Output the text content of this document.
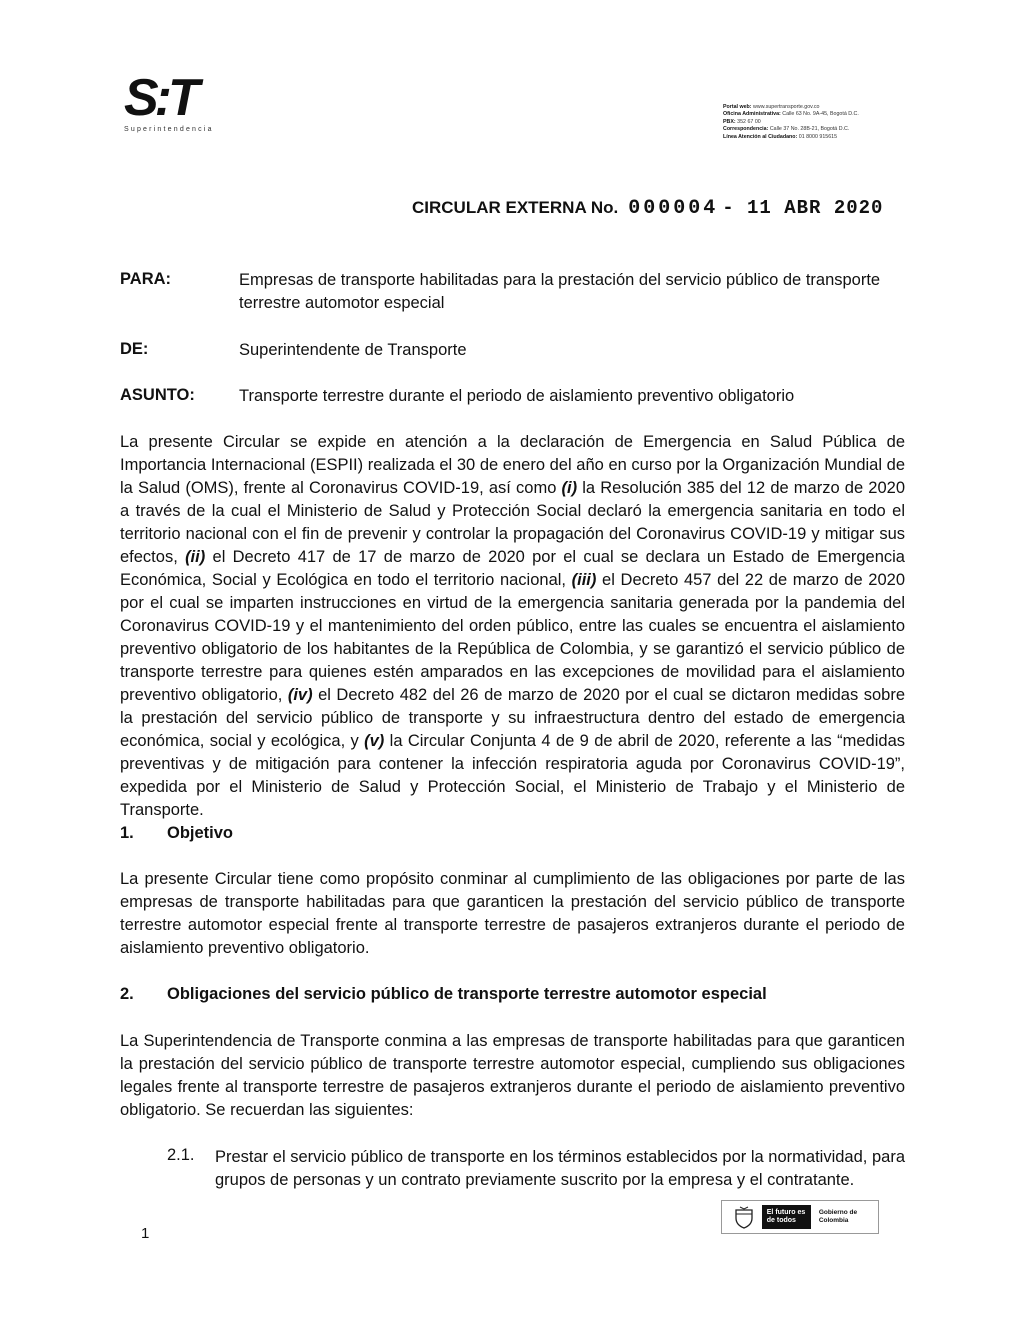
S:T
Superintendencia
Portal web: www.supertransporte.gov.co
Oficina Administrativa: Calle 63 No. 9A-45, Bogotá D.C.
PBX: 352 67 00
Correspondencia: Calle 37 No. 28B-21, Bogotá D.C.
Línea Atención al Ciudadano: 01 8000 915615
CIRCULAR EXTERNA No. 000004 - 11 ABR 2020
PARA:	Empresas de transporte habilitadas para la prestación del servicio público de transporte terrestre automotor especial
DE:	Superintendente de Transporte
ASUNTO:	Transporte terrestre durante el periodo de aislamiento preventivo obligatorio

La presente Circular se expide en atención a la declaración de Emergencia en Salud Pública de Importancia Internacional (ESPII) realizada el 30 de enero del año en curso por la Organización Mundial de la Salud (OMS), frente al Coronavirus COVID-19, así como (i) la Resolución 385 del 12 de marzo de 2020 a través de la cual el Ministerio de Salud y Protección Social declaró la emergencia sanitaria en todo el territorio nacional con el fin de prevenir y controlar la propagación del Coronavirus COVID-19 y mitigar sus efectos, (ii) el Decreto 417 de 17 de marzo de 2020 por el cual se declara un Estado de Emergencia Económica, Social y Ecológica en todo el territorio nacional, (iii) el Decreto 457 del 22 de marzo de 2020 por el cual se imparten instrucciones en virtud de la emergencia sanitaria generada por la pandemia del Coronavirus COVID-19 y el mantenimiento del orden público, entre las cuales se encuentra el aislamiento preventivo obligatorio de los habitantes de la República de Colombia, y se garantizó el servicio público de transporte terrestre para quienes estén amparados en las excepciones de movilidad para el aislamiento preventivo obligatorio, (iv) el Decreto 482 del 26 de marzo de 2020 por el cual se dictaron medidas sobre la prestación del servicio público de transporte y su infraestructura dentro del estado de emergencia económica, social y ecológica, y (v) la Circular Conjunta 4 de 9 de abril de 2020, referente a las “medidas preventivas y de mitigación para contener la infección respiratoria aguda por Coronavirus COVID-19”, expedida por el Ministerio de Salud y Protección Social, el Ministerio de Trabajo y el Ministerio de Transporte.

1. Objetivo
La presente Circular tiene como propósito conminar al cumplimiento de las obligaciones por parte de las empresas de transporte habilitadas para que garanticen la prestación del servicio público de transporte terrestre automotor especial frente al transporte terrestre de pasajeros extranjeros durante el periodo de aislamiento preventivo obligatorio.
2. Obligaciones del servicio público de transporte terrestre automotor especial
La Superintendencia de Transporte conmina a las empresas de transporte habilitadas para que garanticen la prestación del servicio público de transporte terrestre automotor especial, cumpliendo sus obligaciones legales frente al transporte terrestre de pasajeros extranjeros durante el periodo de aislamiento preventivo obligatorio. Se recuerdan las siguientes:
2.1. Prestar el servicio público de transporte en los términos establecidos por la normatividad, para grupos de personas y un contrato previamente suscrito por la empresa y el contratante.
1
El futuro es de todos
Gobierno de Colombia
